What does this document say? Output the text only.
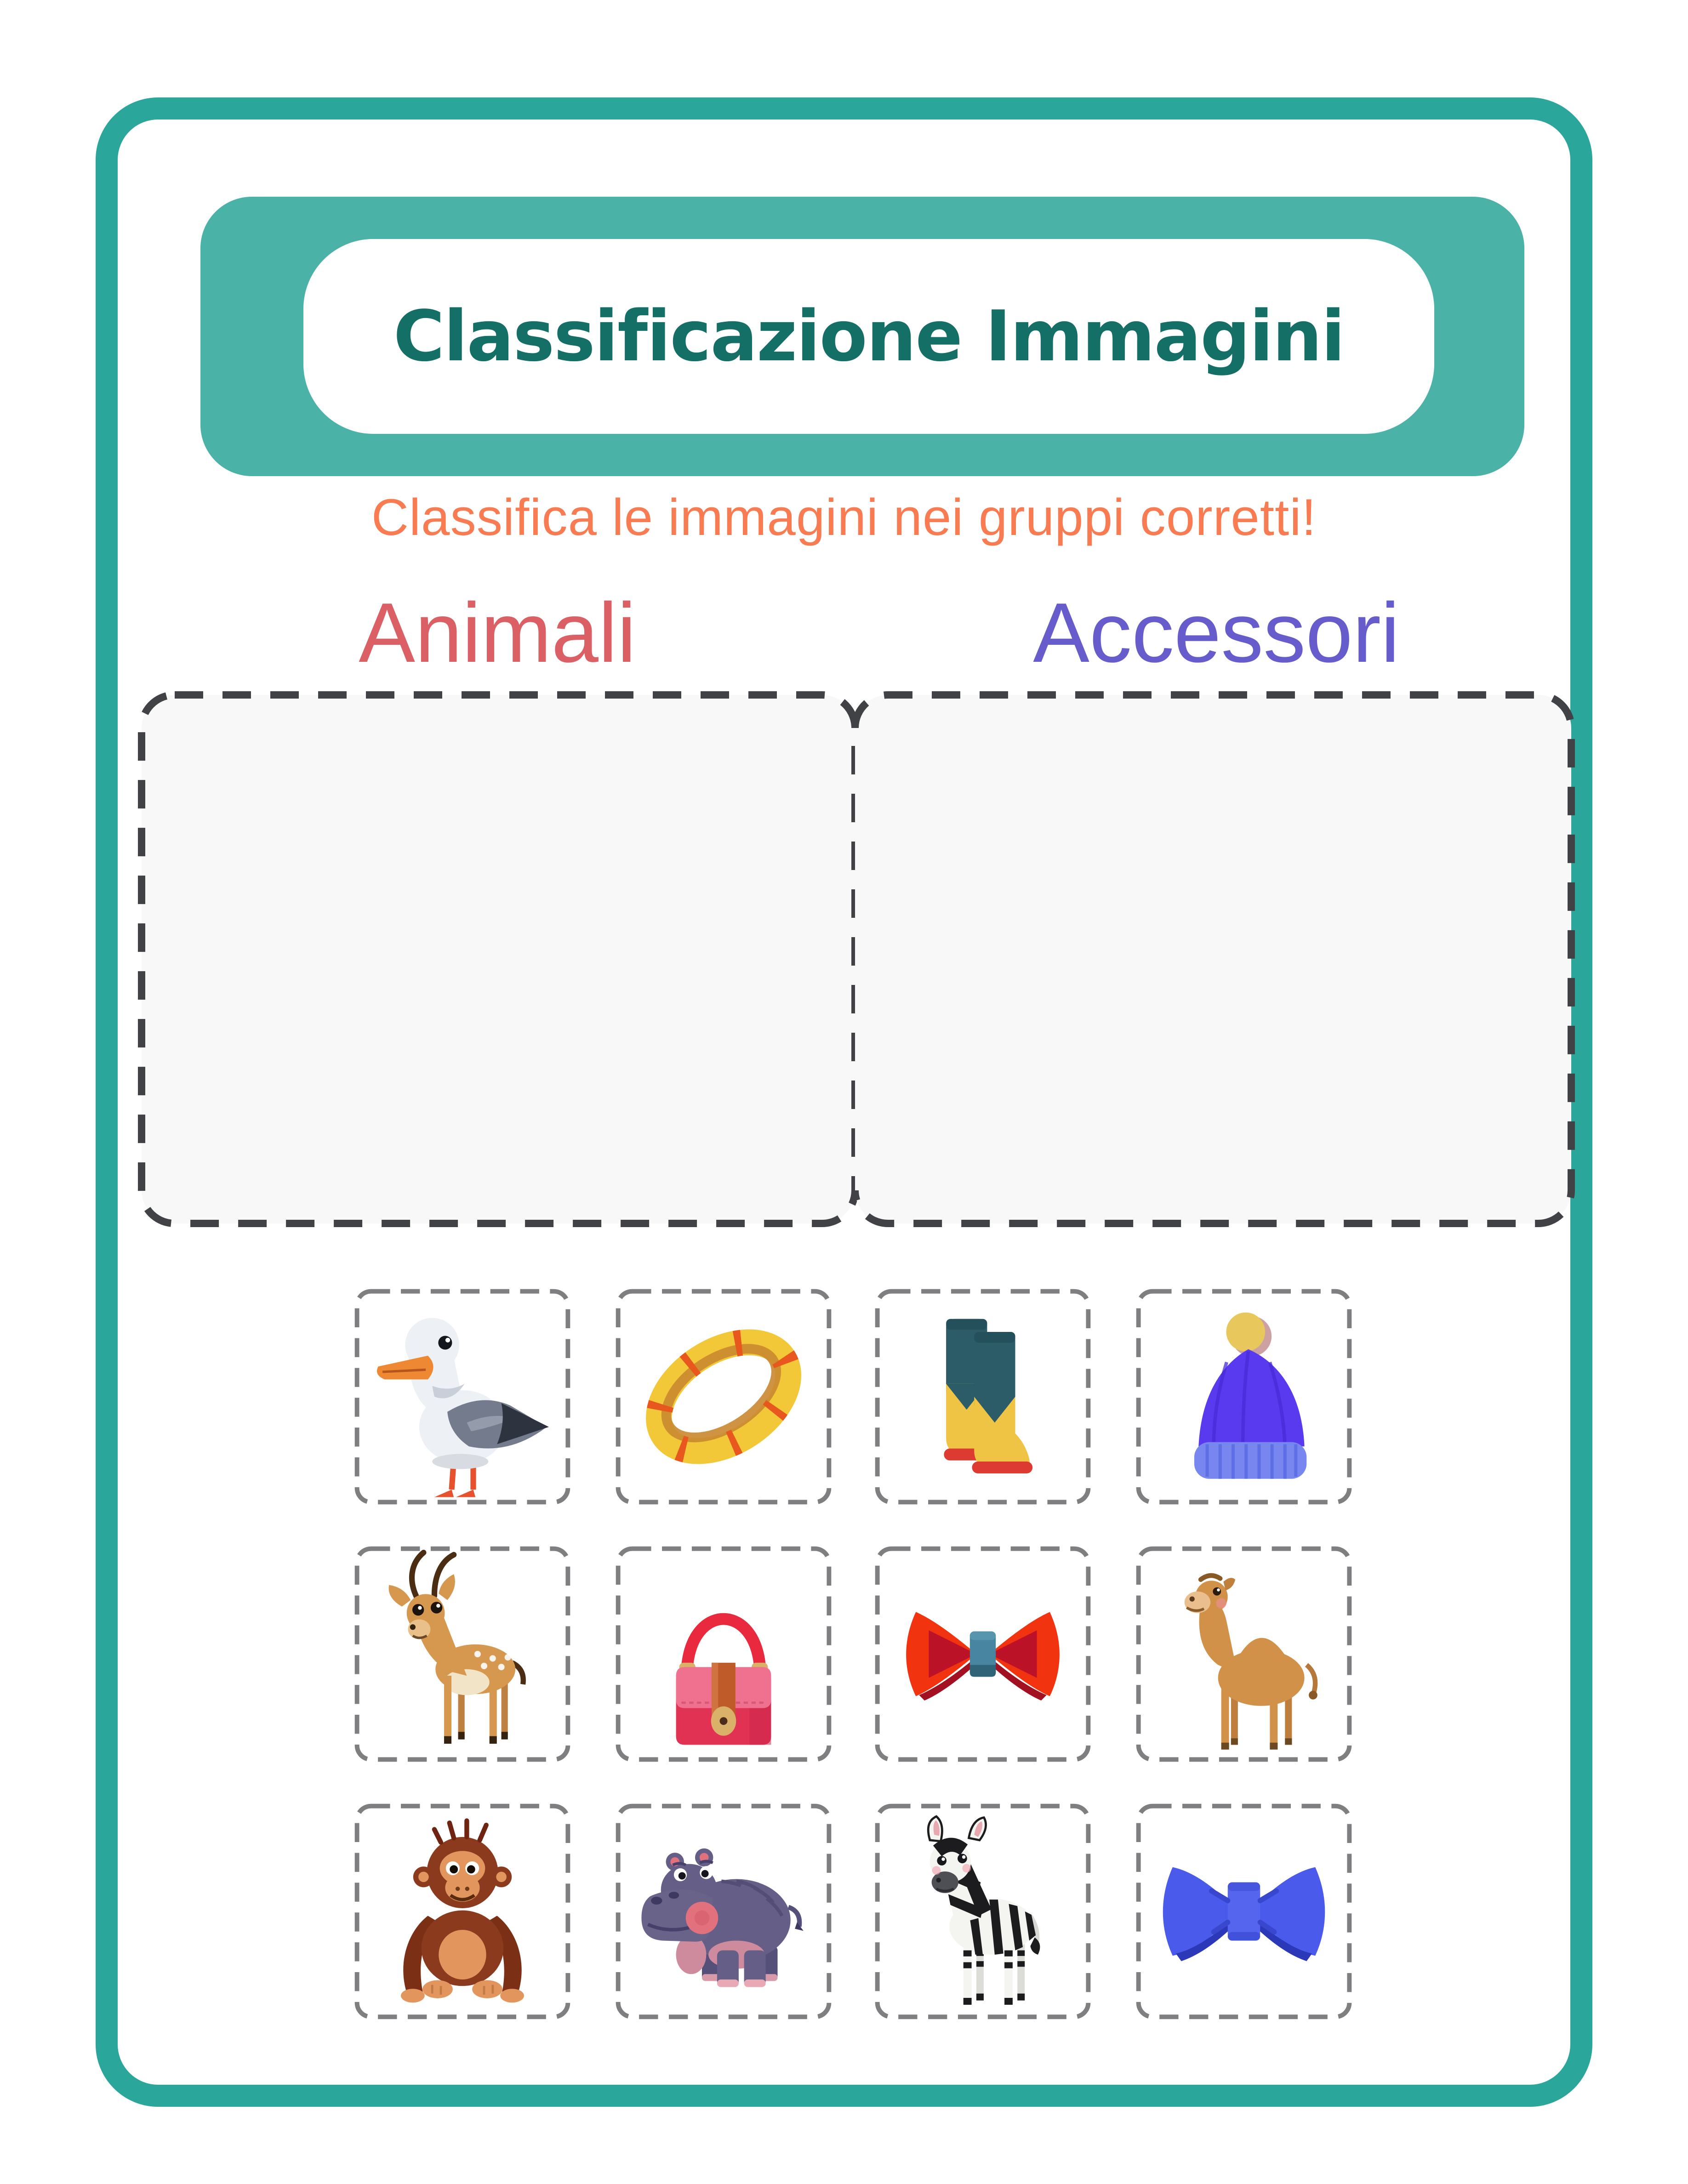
Classificazione Immagini
Classifica le immagini nei gruppi corretti!
Animali	Accessori
